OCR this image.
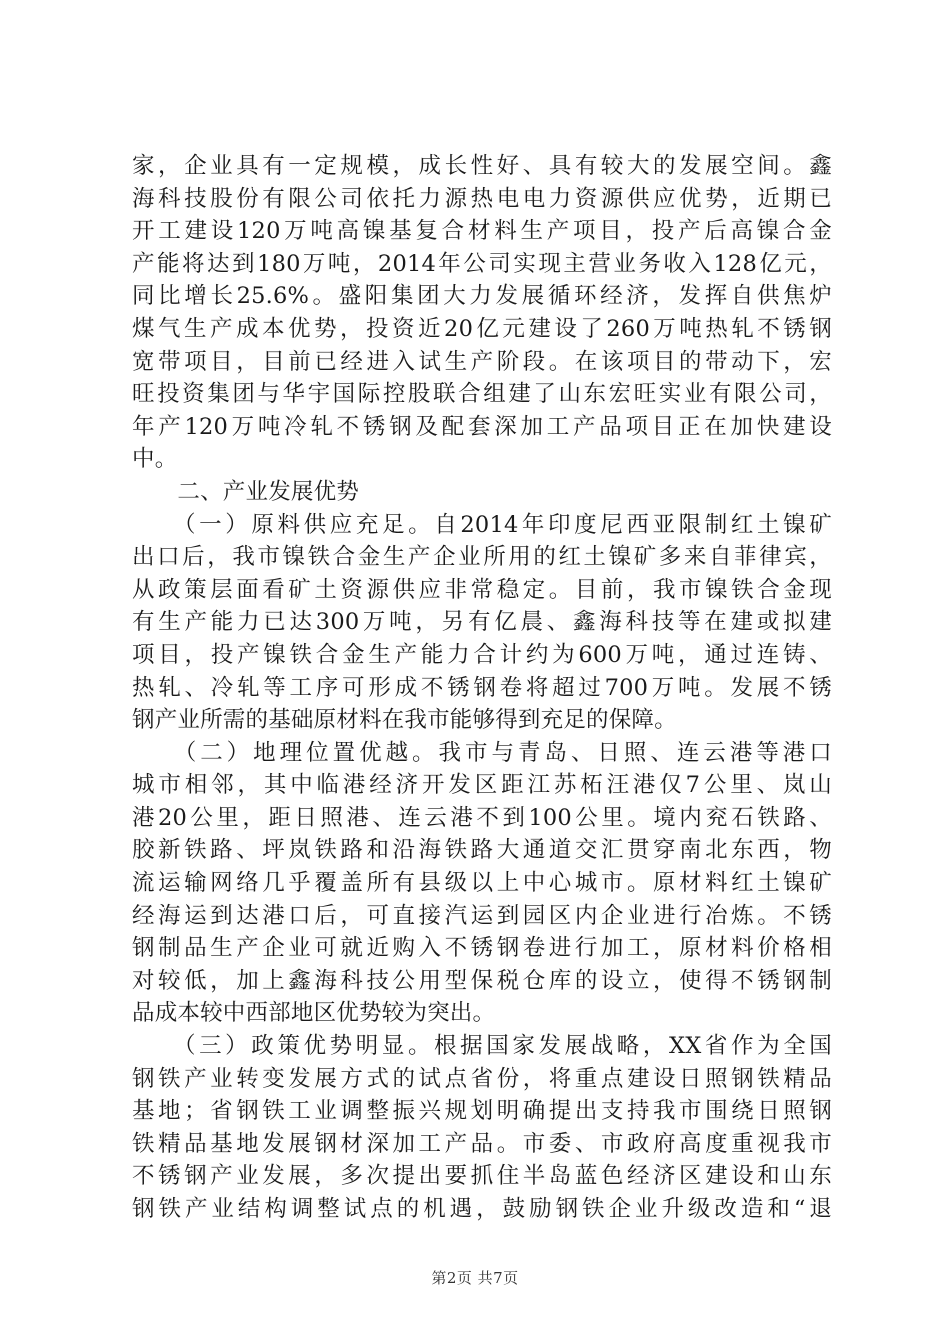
家，企业具有一定规模，成长性好、具有较大的发展空间。鑫
海科技股份有限公司依托力源热电电力资源供应优势，近期已
开工建设120万吨高镍基复合材料生产项目，投产后高镍合金
产能将达到180万吨，2014年公司实现主营业务收入128亿元，
同比增长25.6%。盛阳集团大力发展循环经济，发挥自供焦炉
煤气生产成本优势，投资近20亿元建设了260万吨热轧不锈钢
宽带项目，目前已经进入试生产阶段。在该项目的带动下，宏
旺投资集团与华宇国际控股联合组建了山东宏旺实业有限公司，
年产120万吨冷轧不锈钢及配套深加工产品项目正在加快建设
中。
　　二、产业发展优势
　　（一）原料供应充足。自2014年印度尼西亚限制红土镍矿
出口后，我市镍铁合金生产企业所用的红土镍矿多来自菲律宾，
从政策层面看矿土资源供应非常稳定。目前，我市镍铁合金现
有生产能力已达300万吨，另有亿晨、鑫海科技等在建或拟建
项目，投产镍铁合金生产能力合计约为600万吨，通过连铸、
热轧、冷轧等工序可形成不锈钢卷将超过700万吨。发展不锈
钢产业所需的基础原材料在我市能够得到充足的保障。
　　（二）地理位置优越。我市与青岛、日照、连云港等港口
城市相邻，其中临港经济开发区距江苏柘汪港仅7公里、岚山
港20公里，距日照港、连云港不到100公里。境内兖石铁路、
胶新铁路、坪岚铁路和沿海铁路大通道交汇贯穿南北东西，物
流运输网络几乎覆盖所有县级以上中心城市。原材料红土镍矿
经海运到达港口后，可直接汽运到园区内企业进行冶炼。不锈
钢制品生产企业可就近购入不锈钢卷进行加工，原材料价格相
对较低，加上鑫海科技公用型保税仓库的设立，使得不锈钢制
品成本较中西部地区优势较为突出。
　　（三）政策优势明显。根据国家发展战略，XX省作为全国
钢铁产业转变发展方式的试点省份，将重点建设日照钢铁精品
基地；省钢铁工业调整振兴规划明确提出支持我市围绕日照钢
铁精品基地发展钢材深加工产品。市委、市政府高度重视我市
不锈钢产业发展，多次提出要抓住半岛蓝色经济区建设和山东
钢铁产业结构调整试点的机遇，鼓励钢铁企业升级改造和“退
第2页 共7页
